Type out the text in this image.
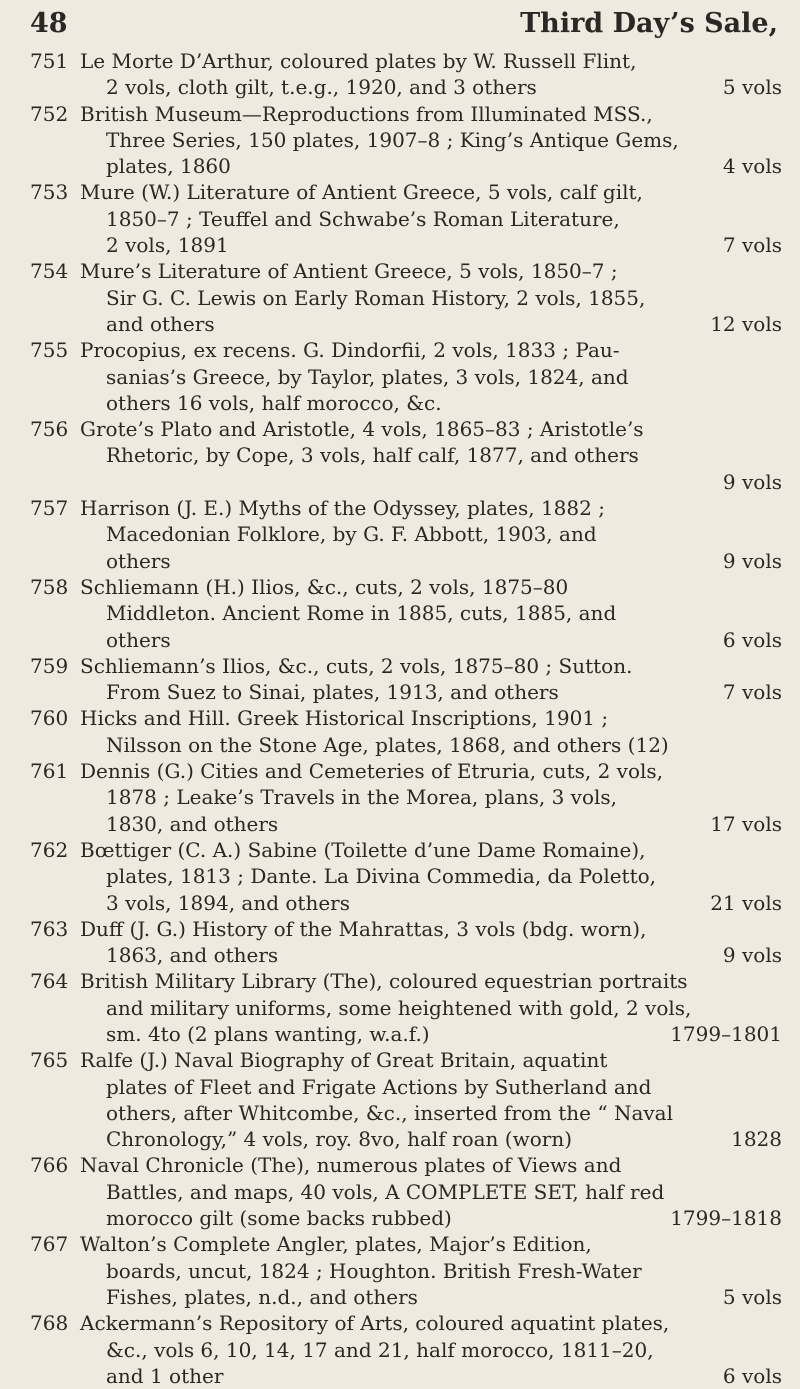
48	Third Day’s Sale,
751 Le Morte D’Arthur, coloured plates by W. Russell Flint,
2 vols, cloth gilt, t.e.g., 1920, and 3 others	5 vols
752 British Museum—Reproductions from Illuminated MSS.,
Three Series, 150 plates, 1907–8 ; King’s Antique Gems,
plates, 1860	4 vols
753 Mure (W.) Literature of Antient Greece, 5 vols, calf gilt,
1850–7 ; Teuffel and Schwabe’s Roman Literature,
2 vols, 1891	7 vols
754 Mure’s Literature of Antient Greece, 5 vols, 1850–7 ;
Sir G. C. Lewis on Early Roman History, 2 vols, 1855,
and others	12 vols
755 Procopius, ex recens. G. Dindorfii, 2 vols, 1833 ; Pau-
sanias’s Greece, by Taylor, plates, 3 vols, 1824, and
others 16 vols, half morocco, &c.
756 Grote’s Plato and Aristotle, 4 vols, 1865–83 ; Aristotle’s
Rhetoric, by Cope, 3 vols, half calf, 1877, and others
9 vols
757 Harrison (J. E.) Myths of the Odyssey, plates, 1882 ;
Macedonian Folklore, by G. F. Abbott, 1903, and
others	9 vols
758 Schliemann (H.) Ilios, &c., cuts, 2 vols, 1875–80
Middleton. Ancient Rome in 1885, cuts, 1885, and
others	6 vols
759 Schliemann’s Ilios, &c., cuts, 2 vols, 1875–80 ; Sutton.
From Suez to Sinai, plates, 1913, and others	7 vols
760 Hicks and Hill. Greek Historical Inscriptions, 1901 ;
Nilsson on the Stone Age, plates, 1868, and others (12)
761 Dennis (G.) Cities and Cemeteries of Etruria, cuts, 2 vols,
1878 ; Leake’s Travels in the Morea, plans, 3 vols,
1830, and others	17 vols
762 Bœttiger (C. A.) Sabine (Toilette d’une Dame Romaine),
plates, 1813 ; Dante. La Divina Commedia, da Poletto,
3 vols, 1894, and others	21 vols
763 Duff (J. G.) History of the Mahrattas, 3 vols (bdg. worn),
1863, and others	9 vols
764 British Military Library (The), coloured equestrian portraits
and military uniforms, some heightened with gold, 2 vols,
sm. 4to (2 plans wanting, w.a.f.)	1799–1801
765 Ralfe (J.) Naval Biography of Great Britain, aquatint
plates of Fleet and Frigate Actions by Sutherland and
others, after Whitcombe, &c., inserted from the “ Naval
Chronology,” 4 vols, roy. 8vo, half roan (worn)	1828
766 Naval Chronicle (The), numerous plates of Views and
Battles, and maps, 40 vols, A COMPLETE SET, half red
morocco gilt (some backs rubbed)	1799–1818
767 Walton’s Complete Angler, plates, Major’s Edition,
boards, uncut, 1824 ; Houghton. British Fresh-Water
Fishes, plates, n.d., and others	5 vols
768 Ackermann’s Repository of Arts, coloured aquatint plates,
&c., vols 6, 10, 14, 17 and 21, half morocco, 1811–20,
and 1 other	6 vols
